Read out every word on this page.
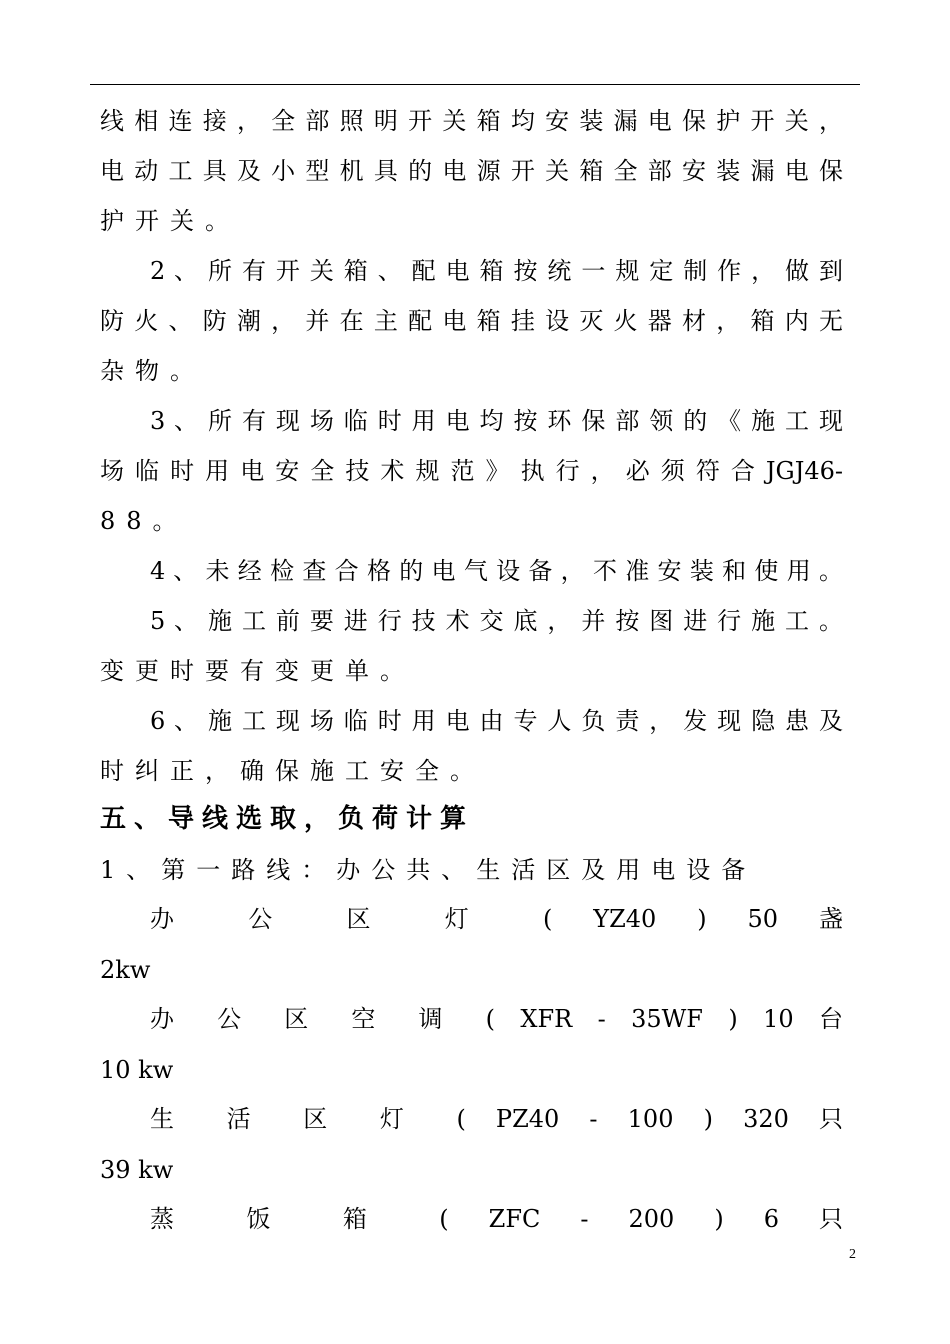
线 相 连 接 ， 全 部 照 明 开 关 箱 均 安 装 漏 电 保 护 开 关 ，
电 动 工 具 及 小 型 机 具 的 电 源 开 关 箱 全 部 安 装 漏 电 保
护开关。
2 、 所 有 开 关 箱 、 配 电 箱 按 统 一 规 定 制 作 ， 做 到
防 火 、 防 潮 ， 并 在 主 配 电 箱 挂 设 灭 火 器 材 ， 箱 内 无
杂物。
3 、 所 有 现 场 临 时 用 电 均 按 环 保 部 领 的 《 施 工 现
场 临 时 用 电 安 全 技 术 规 范 》 执 行 ， 必 须 符 合 JGJ46-
88。
4 、 未 经 检 查 合 格 的 电 气 设 备 ， 不 准 安 装 和 使 用 。
5 、 施 工 前 要 进 行 技 术 交 底 ， 并 按 图 进 行 施 工 。
变更时要有变更单。
6 、 施 工 现 场 临 时 用 电 由 专 人 负 责 ， 发 现 隐 患 及
时纠正，确保施工安全。
五、导线选取，负荷计算
1、第一路线：办公共、生活区及用电设备
办 公 区 灯 ( YZ40 ) 50 盏
2kw
办 公 区 空 调 ( XFR - 35WF ) 10 台
10 kw
生 活 区 灯 ( PZ40 - 100 ) 320 只
39 kw
蒸 饭 箱 ( ZFC - 200 ) 6 只
2
